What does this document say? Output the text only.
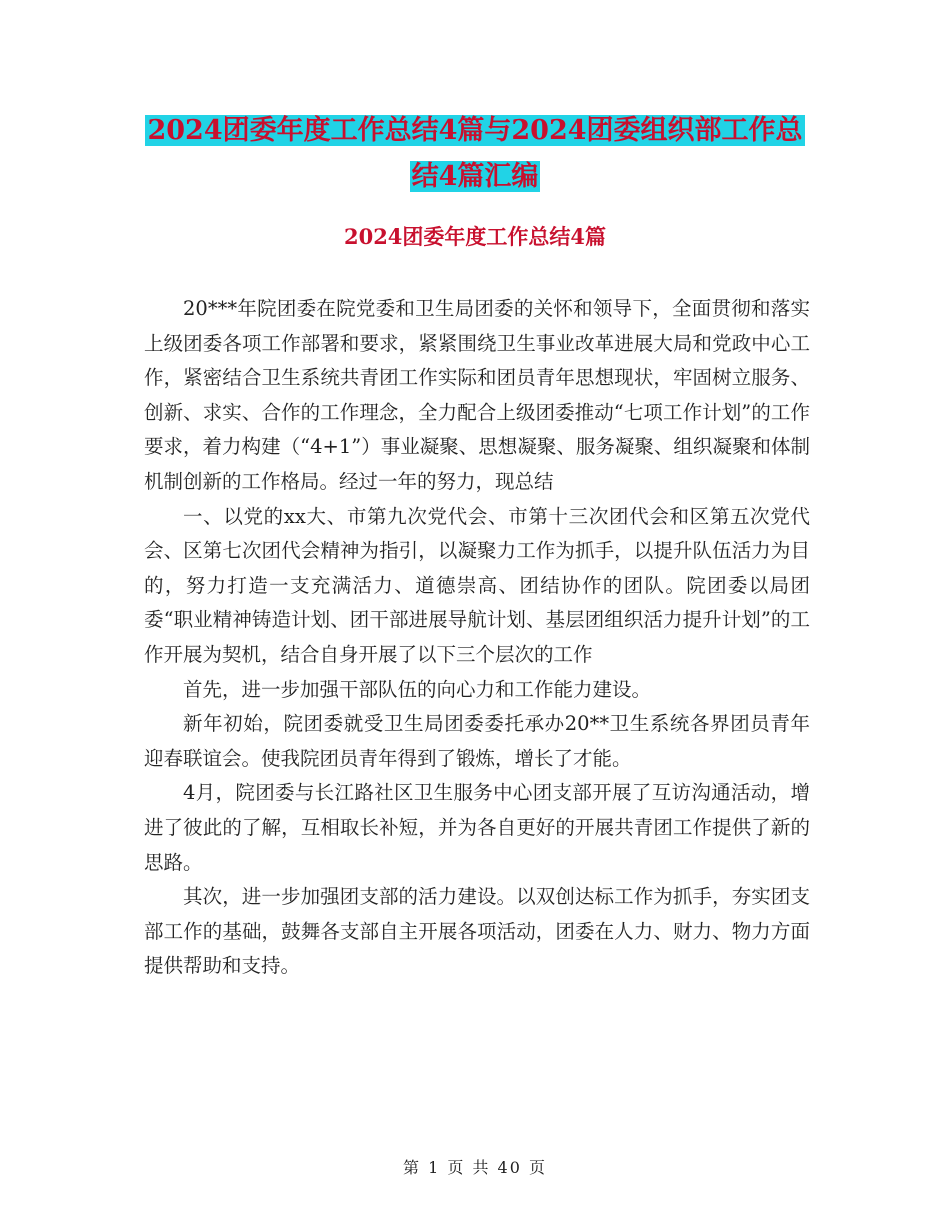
2024团委年度工作总结4篇与2024团委组织部工作总
结4篇汇编
2024团委年度工作总结4篇

20***年院团委在院党委和卫生局团委的关怀和领导下，全面贯彻和落实上级团委各项工作部署和要求，紧紧围绕卫生事业改革进展大局和党政中心工作，紧密结合卫生系统共青团工作实际和团员青年思想现状，牢固树立服务、创新、求实、合作的工作理念，全力配合上级团委推动“七项工作计划”的工作要求，着力构建（“4+1”）事业凝聚、思想凝聚、服务凝聚、组织凝聚和体制机制创新的工作格局。经过一年的努力，现总结

一、以党的xx大、市第九次党代会、市第十三次团代会和区第五次党代会、区第七次团代会精神为指引，以凝聚力工作为抓手，以提升队伍活力为目的，努力打造一支充满活力、道德崇高、团结协作的团队。院团委以局团委“职业精神铸造计划、团干部进展导航计划、基层团组织活力提升计划”的工作开展为契机，结合自身开展了以下三个层次的工作

首先，进一步加强干部队伍的向心力和工作能力建设。

新年初始，院团委就受卫生局团委委托承办20**卫生系统各界团员青年迎春联谊会。使我院团员青年得到了锻炼，增长了才能。

4月，院团委与长江路社区卫生服务中心团支部开展了互访沟通活动，增进了彼此的了解，互相取长补短，并为各自更好的开展共青团工作提供了新的思路。

其次，进一步加强团支部的活力建设。以双创达标工作为抓手，夯实团支部工作的基础，鼓舞各支部自主开展各项活动，团委在人力、财力、物力方面提供帮助和支持。

第 1 页 共 40 页
